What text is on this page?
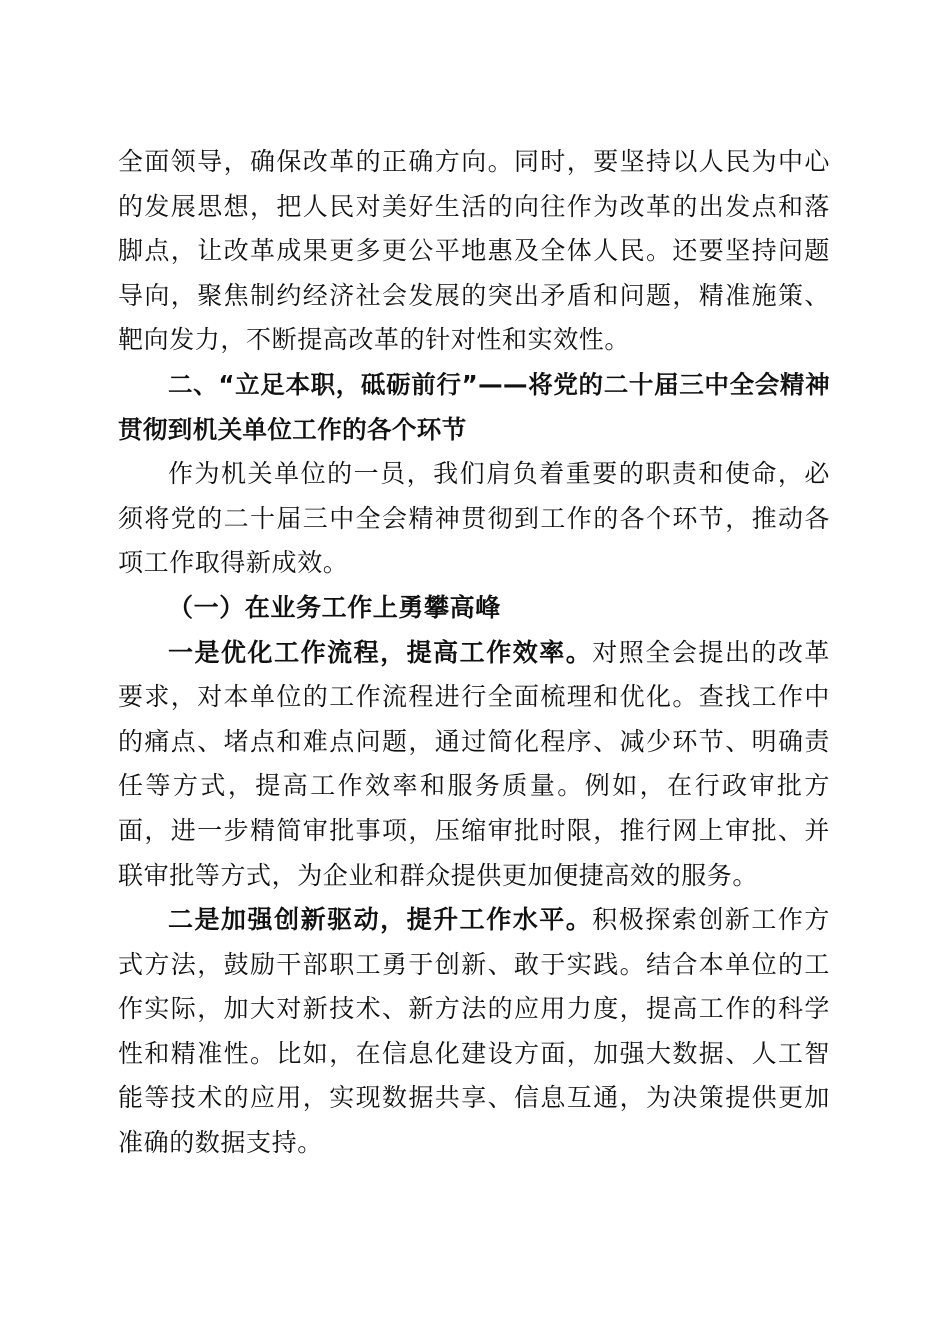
全面领导，确保改革的正确方向。同时，要坚持以人民为中心的发展思想，把人民对美好生活的向往作为改革的出发点和落脚点，让改革成果更多更公平地惠及全体人民。还要坚持问题导向，聚焦制约经济社会发展的突出矛盾和问题，精准施策、靶向发力，不断提高改革的针对性和实效性。

二、“立足本职，砥砺前行”——将党的二十届三中全会精神贯彻到机关单位工作的各个环节

作为机关单位的一员，我们肩负着重要的职责和使命，必须将党的二十届三中全会精神贯彻到工作的各个环节，推动各项工作取得新成效。

（一）在业务工作上勇攀高峰

一是优化工作流程，提高工作效率。对照全会提出的改革要求，对本单位的工作流程进行全面梳理和优化。查找工作中的痛点、堵点和难点问题，通过简化程序、减少环节、明确责任等方式，提高工作效率和服务质量。例如，在行政审批方面，进一步精简审批事项，压缩审批时限，推行网上审批、并联审批等方式，为企业和群众提供更加便捷高效的服务。

二是加强创新驱动，提升工作水平。积极探索创新工作方式方法，鼓励干部职工勇于创新、敢于实践。结合本单位的工作实际，加大对新技术、新方法的应用力度，提高工作的科学性和精准性。比如，在信息化建设方面，加强大数据、人工智能等技术的应用，实现数据共享、信息互通，为决策提供更加准确的数据支持。
